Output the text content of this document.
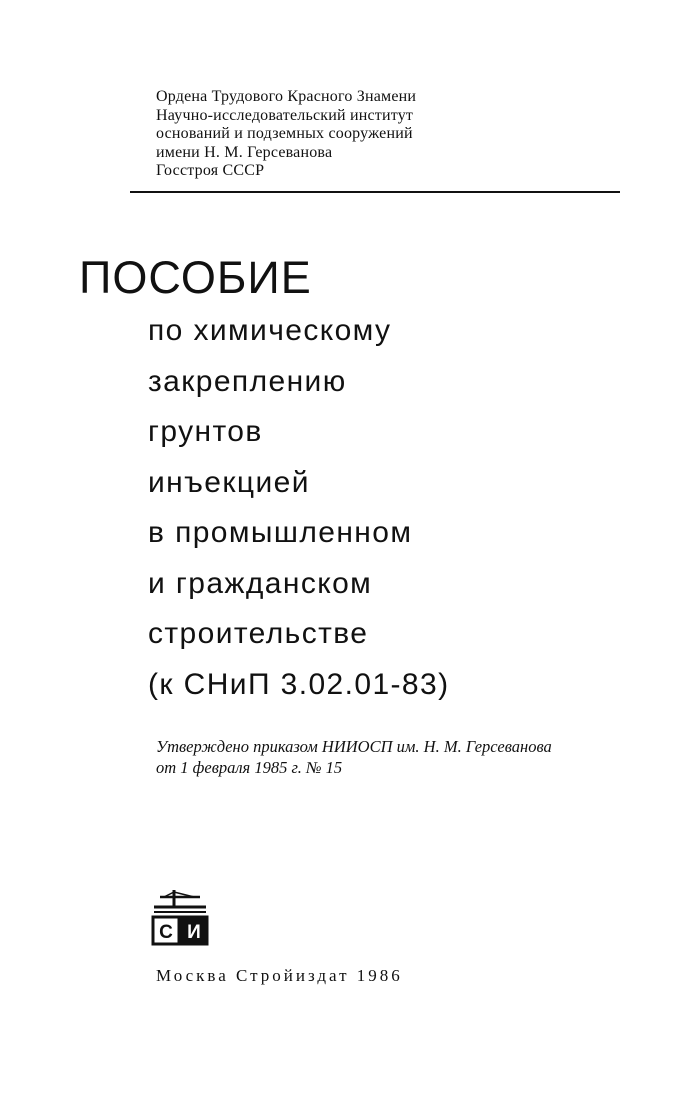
Ордена Трудового Красного Знамени
Научно-исследовательский институт
оснований и подземных сооружений
имени Н. М. Герсеванова
Госстроя СССР
ПОСОБИЕ
по химическому
закреплению
грунтов
инъекцией
в промышленном
и гражданском
строительстве
(к СНиП 3.02.01-83)
Утверждено приказом НИИОСП им. Н. М. Герсеванова
от 1 февраля 1985 г. № 15
С И
Москва Стройиздат 1986
